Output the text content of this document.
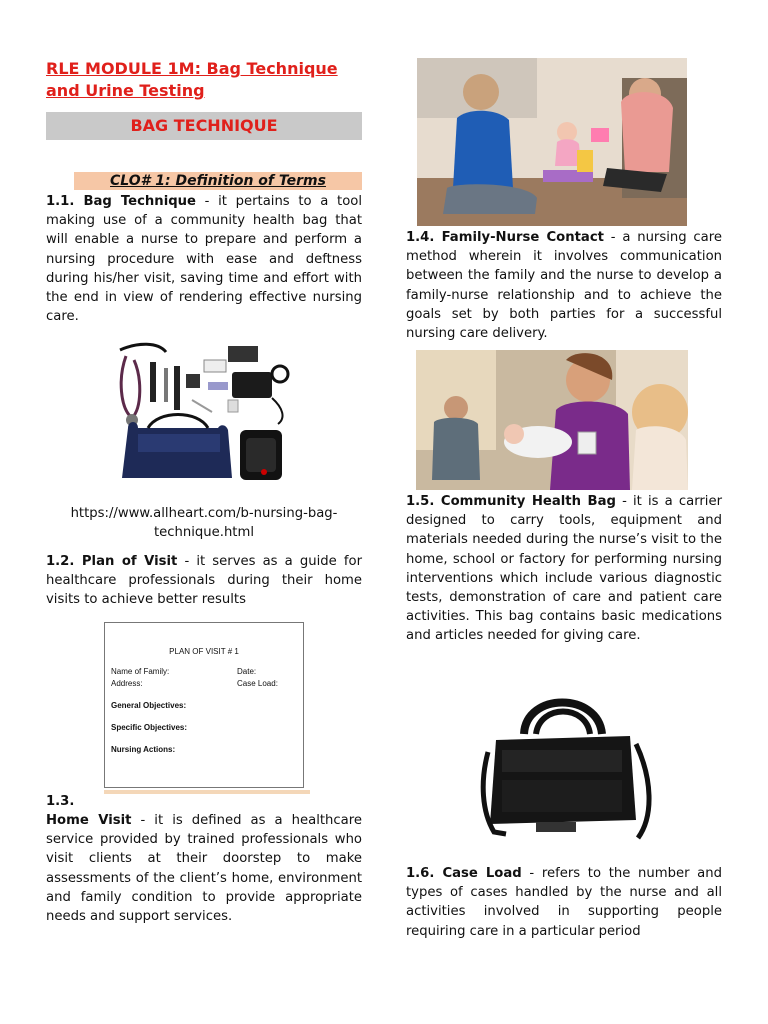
RLE MODULE 1M: Bag Technique and Urine Testing
BAG TECHNIQUE
CLO# 1: Definition of Terms
1.1. Bag Technique - it pertains to a tool making use of a community health bag that will enable a nurse to prepare and perform a nursing procedure with ease and deftness during his/her visit, saving time and effort with the end in view of rendering effective nursing care.
https://www.allheart.com/b-nursing-bag-technique.html
1.2. Plan of Visit - it serves as a guide for healthcare professionals during their home visits to achieve better results
PLAN OF VISIT # 1
Name of Family:
Address:
Date:
Case Load:
General Objectives:
Specific Objectives:
Nursing Actions:
1.3.
Home Visit - it is defined as a healthcare service provided by trained professionals who visit clients at their doorstep to make assessments of the client’s home, environment and family condition to provide appropriate needs and support services.
1.4. Family-Nurse Contact - a nursing care method wherein it involves communication between the family and the nurse to develop a family-nurse relationship and to achieve the goals set by both parties for a successful nursing care delivery.
1.5. Community Health Bag - it is a carrier designed to carry tools, equipment and materials needed during the nurse’s visit to the home, school or factory for performing nursing interventions which include various diagnostic tests, demonstration of care and patient care activities. This bag contains basic medications and articles needed for giving care.
1.6. Case Load - refers to the number and types of cases handled by the nurse and all activities involved in supporting people requiring care in a particular period
